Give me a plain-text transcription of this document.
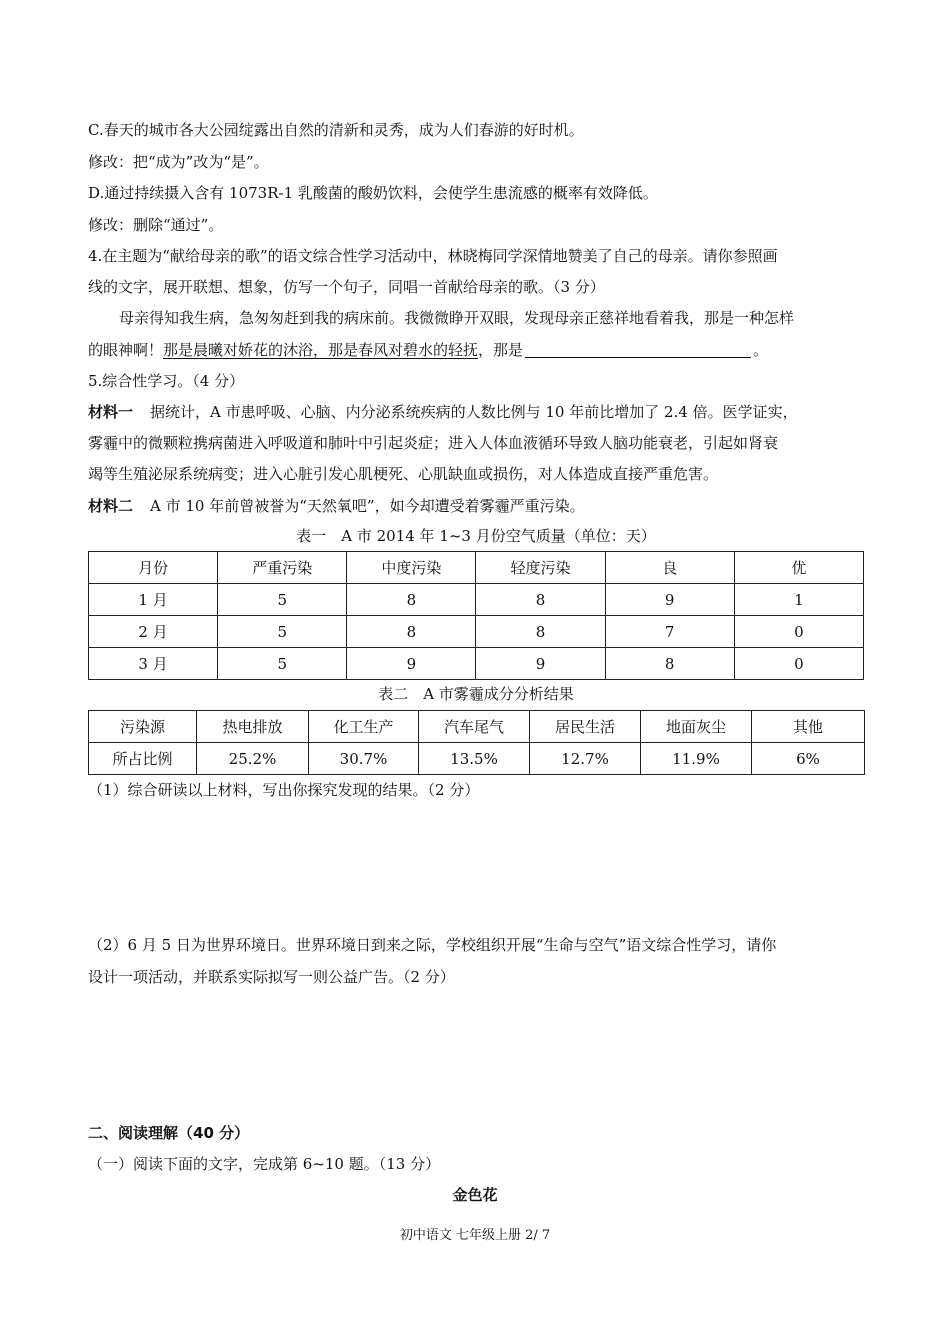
C.春天的城市各大公园绽露出自然的清新和灵秀，成为人们春游的好时机。
修改：把“成为”改为“是”。
D.通过持续摄入含有 1073R-1 乳酸菌的酸奶饮料，会使学生患流感的概率有效降低。
修改：删除“通过”。
4.在主题为“献给母亲的歌”的语文综合性学习活动中，林晓梅同学深情地赞美了自己的母亲。请你参照画
线的文字，展开联想、想象，仿写一个句子，同唱一首献给母亲的歌。（3 分）
母亲得知我生病，急匆匆赶到我的病床前。我微微睁开双眼，发现母亲正慈祥地看着我，那是一种怎样
的眼神啊！那是晨曦对娇花的沐浴，那是春风对碧水的轻抚，那是	。
5.综合性学习。（4 分）
材料一 据统计，A 市患呼吸、心脑、内分泌系统疾病的人数比例与 10 年前比增加了 2.4 倍。医学证实，
雾霾中的微颗粒携病菌进入呼吸道和肺叶中引起炎症；进入人体血液循环导致人脑功能衰老，引起如肾衰
竭等生殖泌尿系统病变；进入心脏引发心肌梗死、心肌缺血或损伤，对人体造成直接严重危害。
材料二 A 市 10 年前曾被誉为“天然氧吧”，如今却遭受着雾霾严重污染。
表一　A 市 2014 年 1~3 月份空气质量（单位：天）
月份	严重污染	中度污染	轻度污染	良	优
1 月	5	8	8	9	1
2 月	5	8	8	7	0
3 月	5	9	9	8	0
表二　A 市雾霾成分分析结果
污染源	热电排放	化工生产	汽车尾气	居民生活	地面灰尘	其他
所占比例	25.2%	30.7%	13.5%	12.7%	11.9%	6%
（1）综合研读以上材料，写出你探究发现的结果。（2 分）
（2）6 月 5 日为世界环境日。世界环境日到来之际，学校组织开展“生命与空气”语文综合性学习，请你
设计一项活动，并联系实际拟写一则公益广告。（2 分）
二、阅读理解（40 分）
（一）阅读下面的文字，完成第 6~10 题。（13 分）
金色花
初中语文 七年级上册 2/ 7
